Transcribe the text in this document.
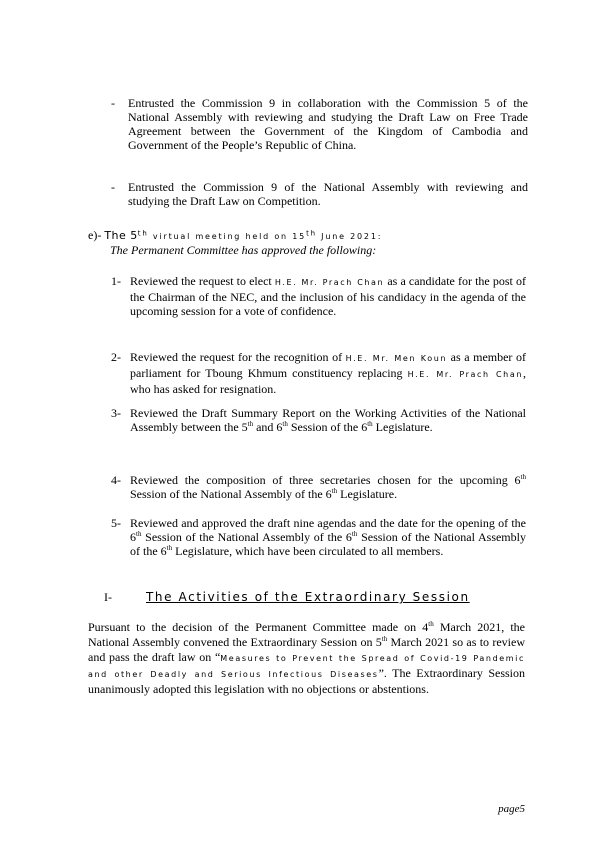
- Entrusted the Commission 9 in collaboration with the Commission 5 of the National Assembly with reviewing and studying the Draft Law on Free Trade Agreement between the Government of the Kingdom of Cambodia and Government of the People’s Republic of China.
- Entrusted the Commission 9 of the National Assembly with reviewing and studying the Draft Law on Competition.
e)- The 5th virtual meeting held on 15th June 2021:
The Permanent Committee has approved the following:
1- Reviewed the request to elect H.E. Mr. Prach Chan as a candidate for the post of the Chairman of the NEC, and the inclusion of his candidacy in the agenda of the upcoming session for a vote of confidence.
2- Reviewed the request for the recognition of H.E. Mr. Men Koun as a member of parliament for Tboung Khmum constituency replacing H.E. Mr. Prach Chan, who has asked for resignation.
3- Reviewed the Draft Summary Report on the Working Activities of the National Assembly between the 5th and 6th Session of the 6th Legislature.
4- Reviewed the composition of three secretaries chosen for the upcoming 6th Session of the National Assembly of the 6th Legislature.
5- Reviewed and approved the draft nine agendas and the date for the opening of the 6th Session of the National Assembly of the 6th Session of the National Assembly of the 6th Legislature, which have been circulated to all members.
I-	The Activities of the Extraordinary Session
Pursuant to the decision of the Permanent Committee made on 4th March 2021, the National Assembly convened the Extraordinary Session on 5th March 2021 so as to review and pass the draft law on “Measures to Prevent the Spread of Covid-19 Pandemic and other Deadly and Serious Infectious Diseases”. The Extraordinary Session unanimously adopted this legislation with no objections or abstentions.
page5
